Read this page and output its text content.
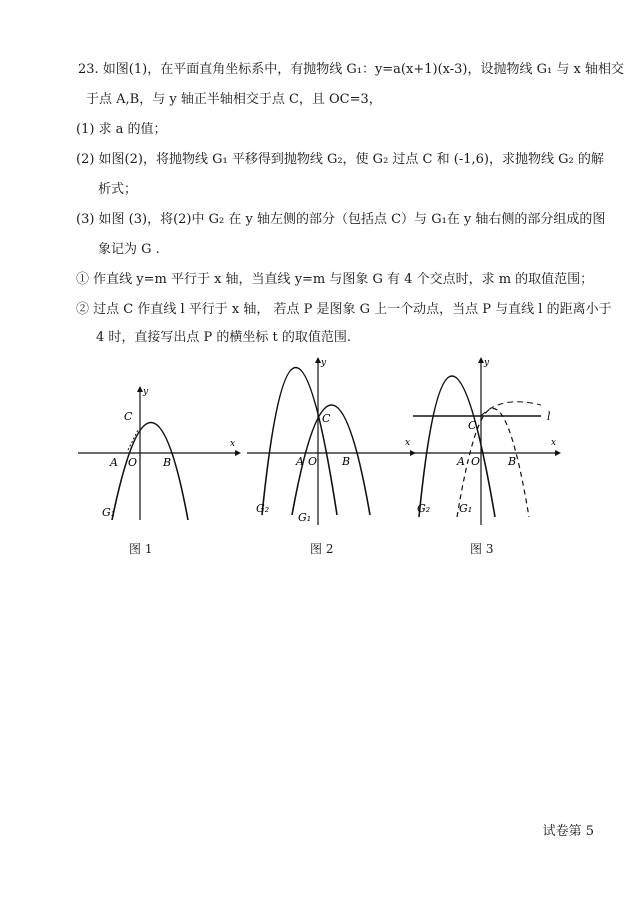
23. 如图(1)，在平面直角坐标系中，有抛物线 G₁：y=a(x+1)(x-3)，设抛物线 G₁ 与 x 轴相交
于点 A,B，与 y 轴正半轴相交于点 C，且 OC=3，
(1) 求 a 的值；
(2) 如图(2)，将抛物线 G₁ 平移得到抛物线 G₂，使 G₂ 过点 C 和 (-1,6)，求抛物线 G₂ 的解
析式；
(3) 如图 (3)，将(2)中 G₂ 在 y 轴左侧的部分（包括点 C）与 G₁在 y 轴右侧的部分组成的图
象记为 G .
① 作直线 y=m 平行于 x 轴，当直线 y=m 与图象 G 有 4 个交点时，求 m 的取值范围；
② 过点 C 作直线 l 平行于 x 轴， 若点 P 是图象 G 上一个动点，当点 P 与直线 l 的距离小于
4 时，直接写出点 P 的横坐标 t 的取值范围.
x
y
A O B
C
G₁
图 1
x
y
A O B
C
G₂
G₁
图 2
x
y
A O	B
C
l
G₂	G₁
图 3
试卷第 5
